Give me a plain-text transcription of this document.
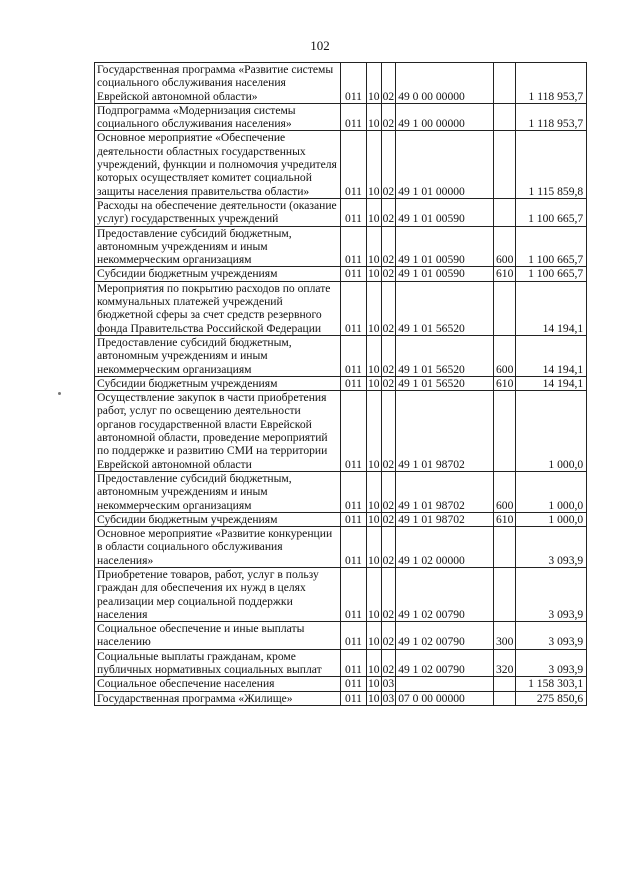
102
Государственная программа «Развитие системы социального обслуживания населения Еврейской автономной области»	011	10	02	49 0 00 00000		1 118 953,7
Подпрограмма «Модернизация системы социального обслуживания населения»	011	10	02	49 1 00 00000		1 118 953,7
Основное мероприятие «Обеспечение деятельности областных государственных учреждений, функции и полномочия учредителя которых осуществляет комитет социальной защиты населения правительства области»	011	10	02	49 1 01 00000		1 115 859,8
Расходы на обеспечение деятельности (оказание услуг) государственных учреждений	011	10	02	49 1 01 00590		1 100 665,7
Предоставление субсидий бюджетным, автономным учреждениям и иным некоммерческим организациям	011	10	02	49 1 01 00590	600	1 100 665,7
Субсидии бюджетным учреждениям	011	10	02	49 1 01 00590	610	1 100 665,7
Мероприятия по покрытию расходов по оплате коммунальных платежей учреждений бюджетной сферы за счет средств резервного фонда Правительства Российской Федерации	011	10	02	49 1 01 56520		14 194,1
Предоставление субсидий бюджетным, автономным учреждениям и иным некоммерческим организациям	011	10	02	49 1 01 56520	600	14 194,1
Субсидии бюджетным учреждениям	011	10	02	49 1 01 56520	610	14 194,1
Осуществление закупок в части приобретения работ, услуг по освещению деятельности органов государственной власти Еврейской автономной области, проведение мероприятий по поддержке и развитию СМИ на территории Еврейской автономной области	011	10	02	49 1 01 98702		1 000,0
Предоставление субсидий бюджетным, автономным учреждениям и иным некоммерческим организациям	011	10	02	49 1 01 98702	600	1 000,0
Субсидии бюджетным учреждениям	011	10	02	49 1 01 98702	610	1 000,0
Основное мероприятие «Развитие конкуренции в области социального обслуживания населения»	011	10	02	49 1 02 00000		3 093,9
Приобретение товаров, работ, услуг в пользу граждан для обеспечения их нужд в целях реализации мер социальной поддержки населения	011	10	02	49 1 02 00790		3 093,9
Социальное обеспечение и иные выплаты населению	011	10	02	49 1 02 00790	300	3 093,9
Социальные выплаты гражданам, кроме публичных нормативных социальных выплат	011	10	02	49 1 02 00790	320	3 093,9
Социальное обеспечение населения	011	10	03			1 158 303,1
Государственная программа «Жилище»	011	10	03	07 0 00 00000		275 850,6
